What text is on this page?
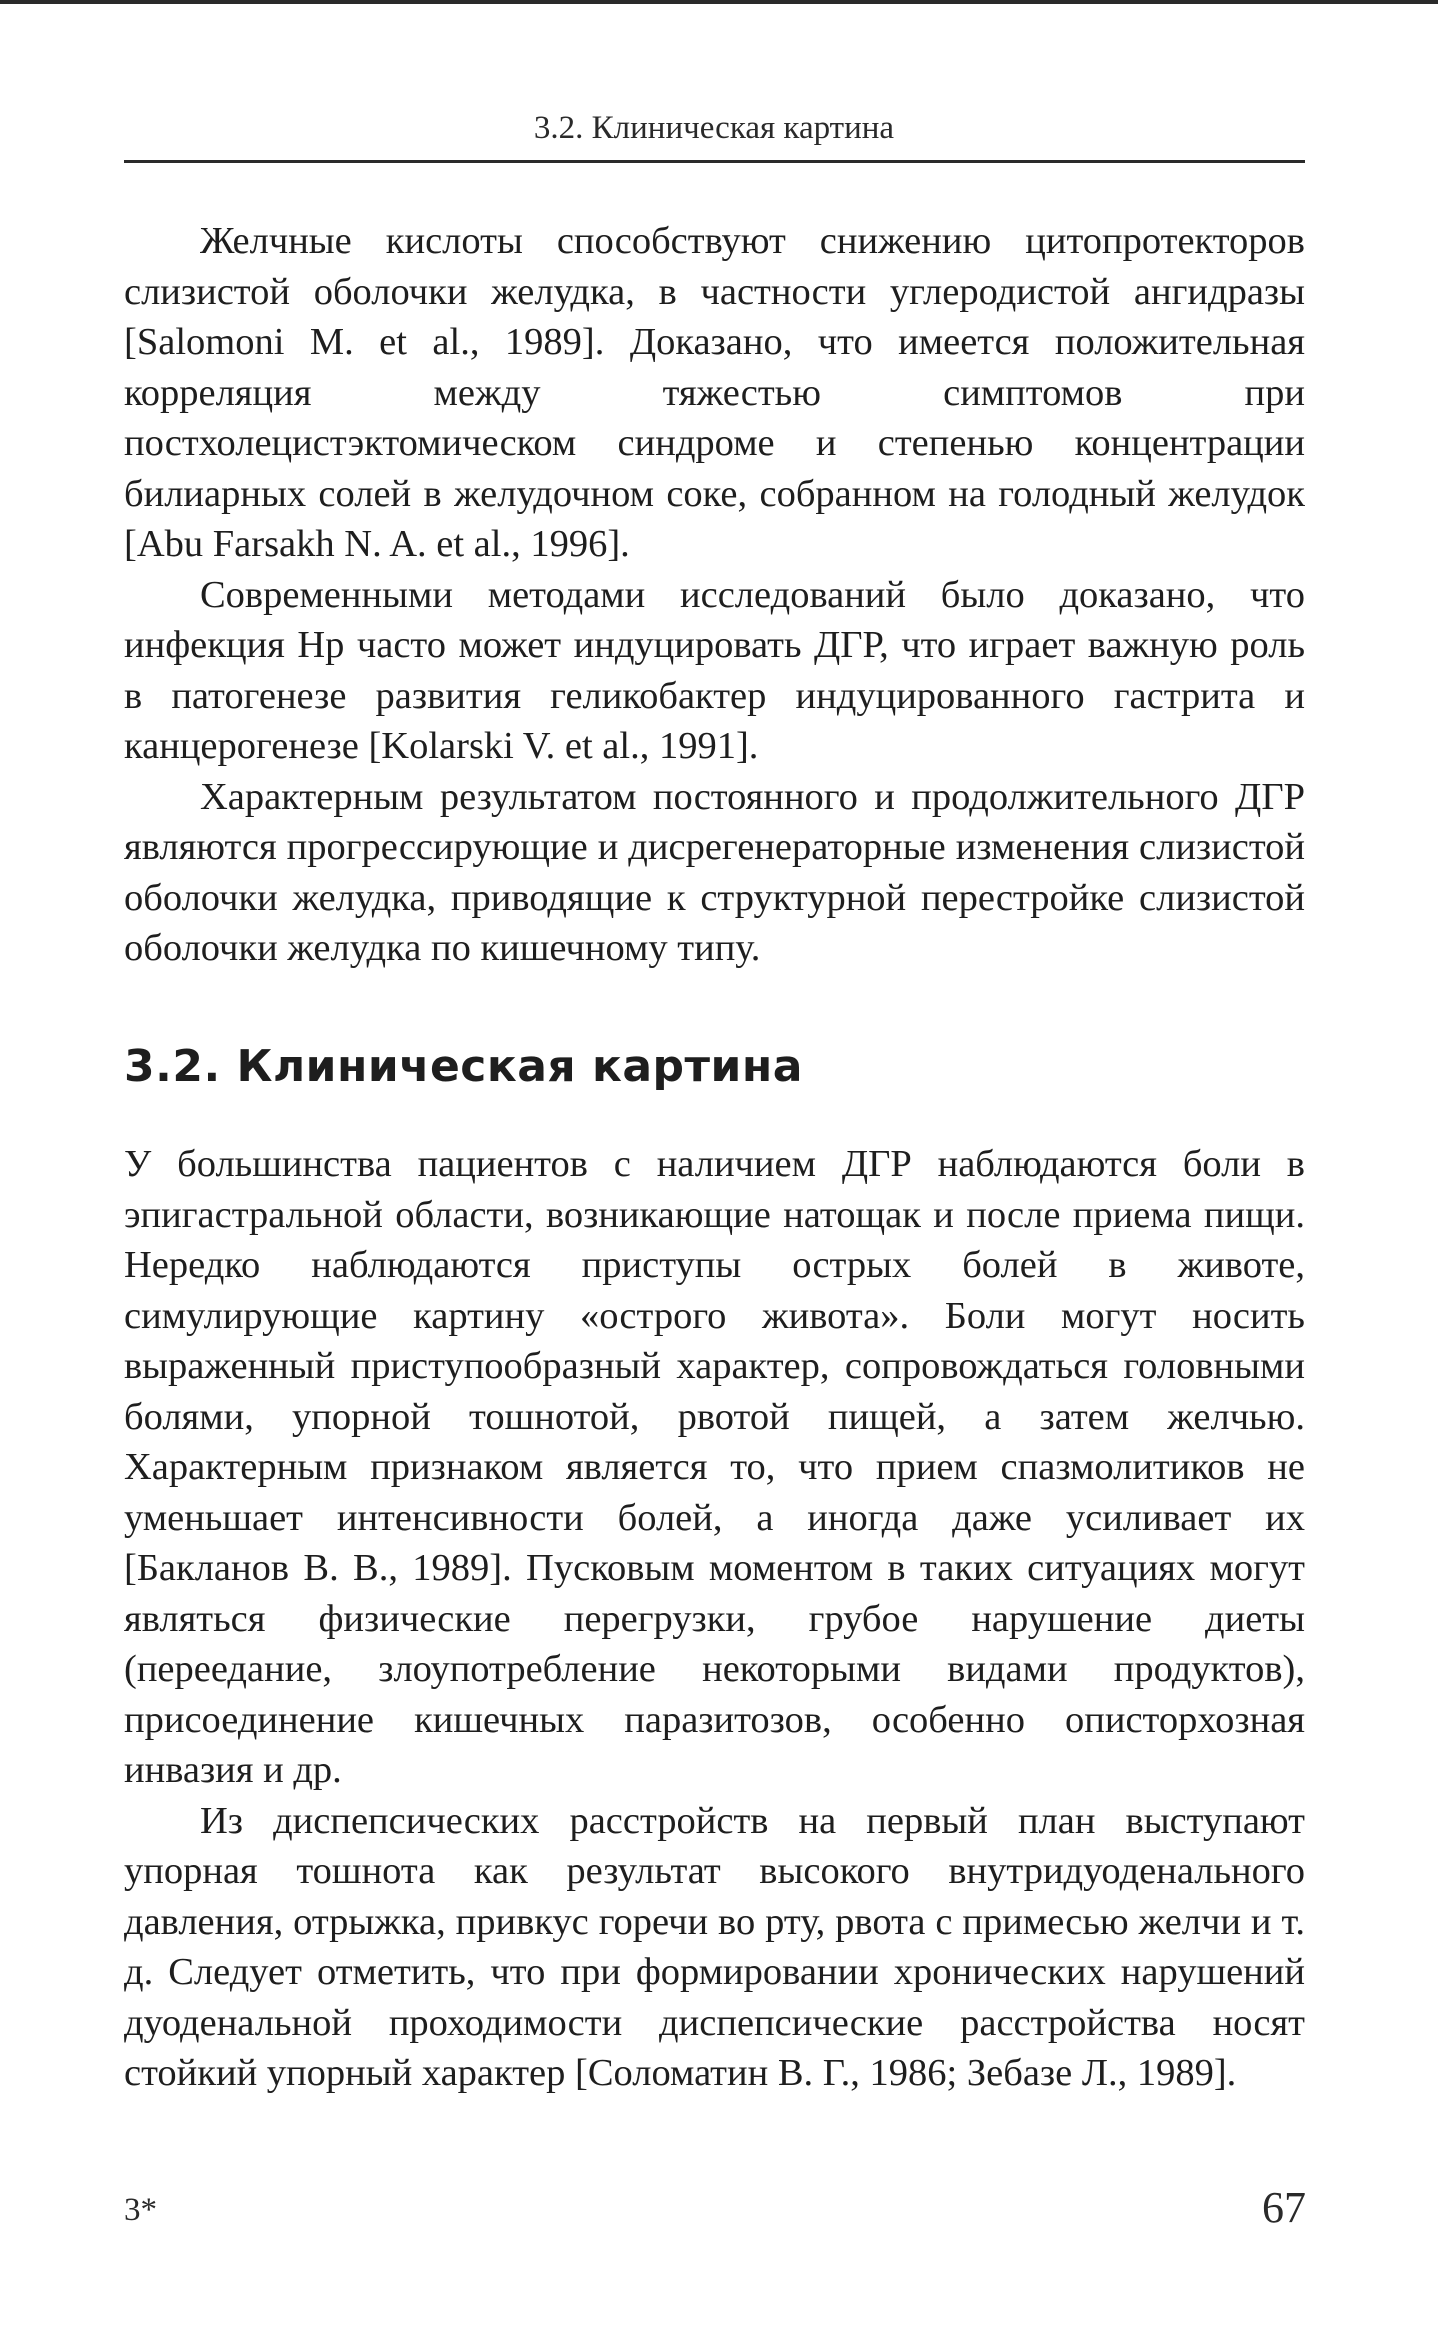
3.2. Клиническая картина

Желчные кислоты способствуют снижению цитопротекторов слизистой оболочки желудка, в частности углеродистой ангидразы [Salomoni M. et al., 1989]. Доказано, что имеется положительная корреляция между тяжестью симптомов при постхолецистэктомическом синдроме и степенью концентрации билиарных солей в желудочном соке, собранном на голодный желудок [Abu Farsakh N. A. et al., 1996].

Современными методами исследований было доказано, что инфекция Hp часто может индуцировать ДГР, что играет важную роль в патогенезе развития геликобактер индуцированного гастрита и канцерогенезе [Kolarski V. et al., 1991].

Характерным результатом постоянного и продолжительного ДГР являются прогрессирующие и дисрегенераторные изменения слизистой оболочки желудка, приводящие к структурной перестройке слизистой оболочки желудка по кишечному типу.

3.2. Клиническая картина

У большинства пациентов с наличием ДГР наблюдаются боли в эпигастральной области, возникающие натощак и после приема пищи. Нередко наблюдаются приступы острых болей в животе, симулирующие картину «острого живота». Боли могут носить выраженный приступообразный характер, сопровождаться головными болями, упорной тошнотой, рвотой пищей, а затем желчью. Характерным признаком является то, что прием спазмолитиков не уменьшает интенсивности болей, а иногда даже усиливает их [Бакланов В. В., 1989]. Пусковым моментом в таких ситуациях могут являться физические перегрузки, грубое нарушение диеты (переедание, злоупотребление некоторыми видами продуктов), присоединение кишечных паразитозов, особенно описторхозная инвазия и др.

Из диспепсических расстройств на первый план выступают упорная тошнота как результат высокого внутридуоденального давления, отрыжка, привкус горечи во рту, рвота с примесью желчи и т. д. Следует отметить, что при формировании хронических нарушений дуоденальной проходимости диспепсические расстройства носят стойкий упорный характер [Соломатин В. Г., 1986; Зебазе Л., 1989].

3*	67
